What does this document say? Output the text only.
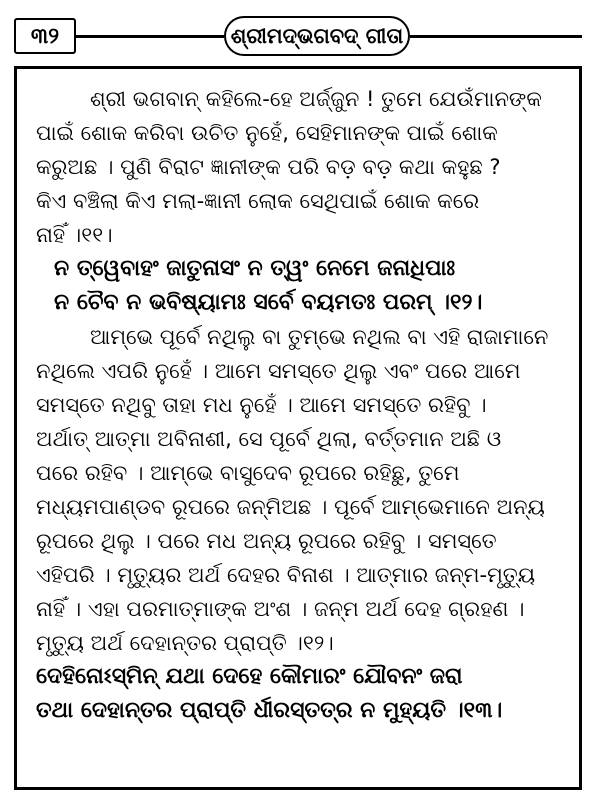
୩୨	ଶ୍ରୀମଦ୍ଭଗବଦ୍ ଗୀତା
ଶ୍ରୀ ଭଗବାନ୍ କହିଲେ-ହେ ଅର୍ଜ୍ଜୁନ ! ତୁମେ ଯେଉଁମାନଙ୍କ
ପାଇଁ ଶୋକ କରିବା ଉଚିତ ନୁହେଁ, ସେହିମାନଙ୍କ ପାଇଁ ଶୋକ
କରୁଅଛ । ପୁଣି ବିରାଟ ଜ୍ଞାନୀଙ୍କ ପରି ବଡ଼ ବଡ଼ କଥା କହୁଛ ?
କିଏ ବଞ୍ଚିଲା କିଏ ମଲା-ଜ୍ଞାନୀ ଲୋକ ସେଥିପାଇଁ ଶୋକ କରେ
ନାହିଁ ।୧୧।
ନ ତ୍ୱେବାହଂ ଜାତୁନାସଂ ନ ତ୍ୱଂ ନେମେ ଜନାଧିପାଃ
ନ ଚୈବ ନ ଭବିଷ୍ୟାମଃ ସର୍ବେ ବୟମତଃ ପରମ୍ ।୧୨।
ଆମ୍ଭେ ପୂର୍ବେ ନଥିଲୁ ବା ତୁମ୍ଭେ ନଥିଲ ବା ଏହି ରାଜାମାନେ
ନଥିଲେ ଏପରି ନୁହେଁ । ଆମେ ସମସ୍ତେ ଥିଲୁ ଏବଂ ପରେ ଆମେ
ସମସ୍ତେ ନଥିବୁ ତାହା ମଧ ନୁହେଁ । ଆମେ ସମସ୍ତେ ରହିବୁ ।
ଅର୍ଥାତ୍ ଆତ୍ମା ଅବିନାଶୀ, ସେ ପୂର୍ବେ ଥିଲା, ବର୍ତ୍ତମାନ ଅଛି ଓ
ପରେ ରହିବ । ଆମ୍ଭେ ବାସୁଦେବ ରୂପରେ ରହିଛୁ, ତୁମେ
ମଧ୍ୟମପାଣ୍ଡବ ରୂପରେ ଜନ୍ମିଅଛ । ପୂର୍ବେ ଆମ୍ଭେମାନେ ଅନ୍ୟ
ରୂପରେ ଥିଲୁ । ପରେ ମଧ ଅନ୍ୟ ରୂପରେ ରହିବୁ । ସମସ୍ତେ
ଏହିପରି । ମୃତ୍ୟୁର ଅର୍ଥ ଦେହର ବିନାଶ । ଆତ୍ମାର ଜନ୍ମ-ମୃତ୍ୟୁ
ନାହିଁ । ଏହା ପରମାତ୍ମାଙ୍କ ଅଂଶ । ଜନ୍ମ ଅର୍ଥ ଦେହ ଗ୍ରହଣ ।
ମୃତ୍ୟୁ ଅର୍ଥ ଦେହାନ୍ତର ପ୍ରାପ୍ତି ।୧୨।
ଦେହିନୋଽସ୍ମିନ୍ ଯଥା ଦେହେ କୌମାରଂ ଯୌବନଂ ଜରା
ତଥା ଦେହାନ୍ତର ପ୍ରାପ୍ତି ର୍ଧୀରସ୍ତତ୍ର ନ ମୁହ୍ୟତି ।୧୩।
